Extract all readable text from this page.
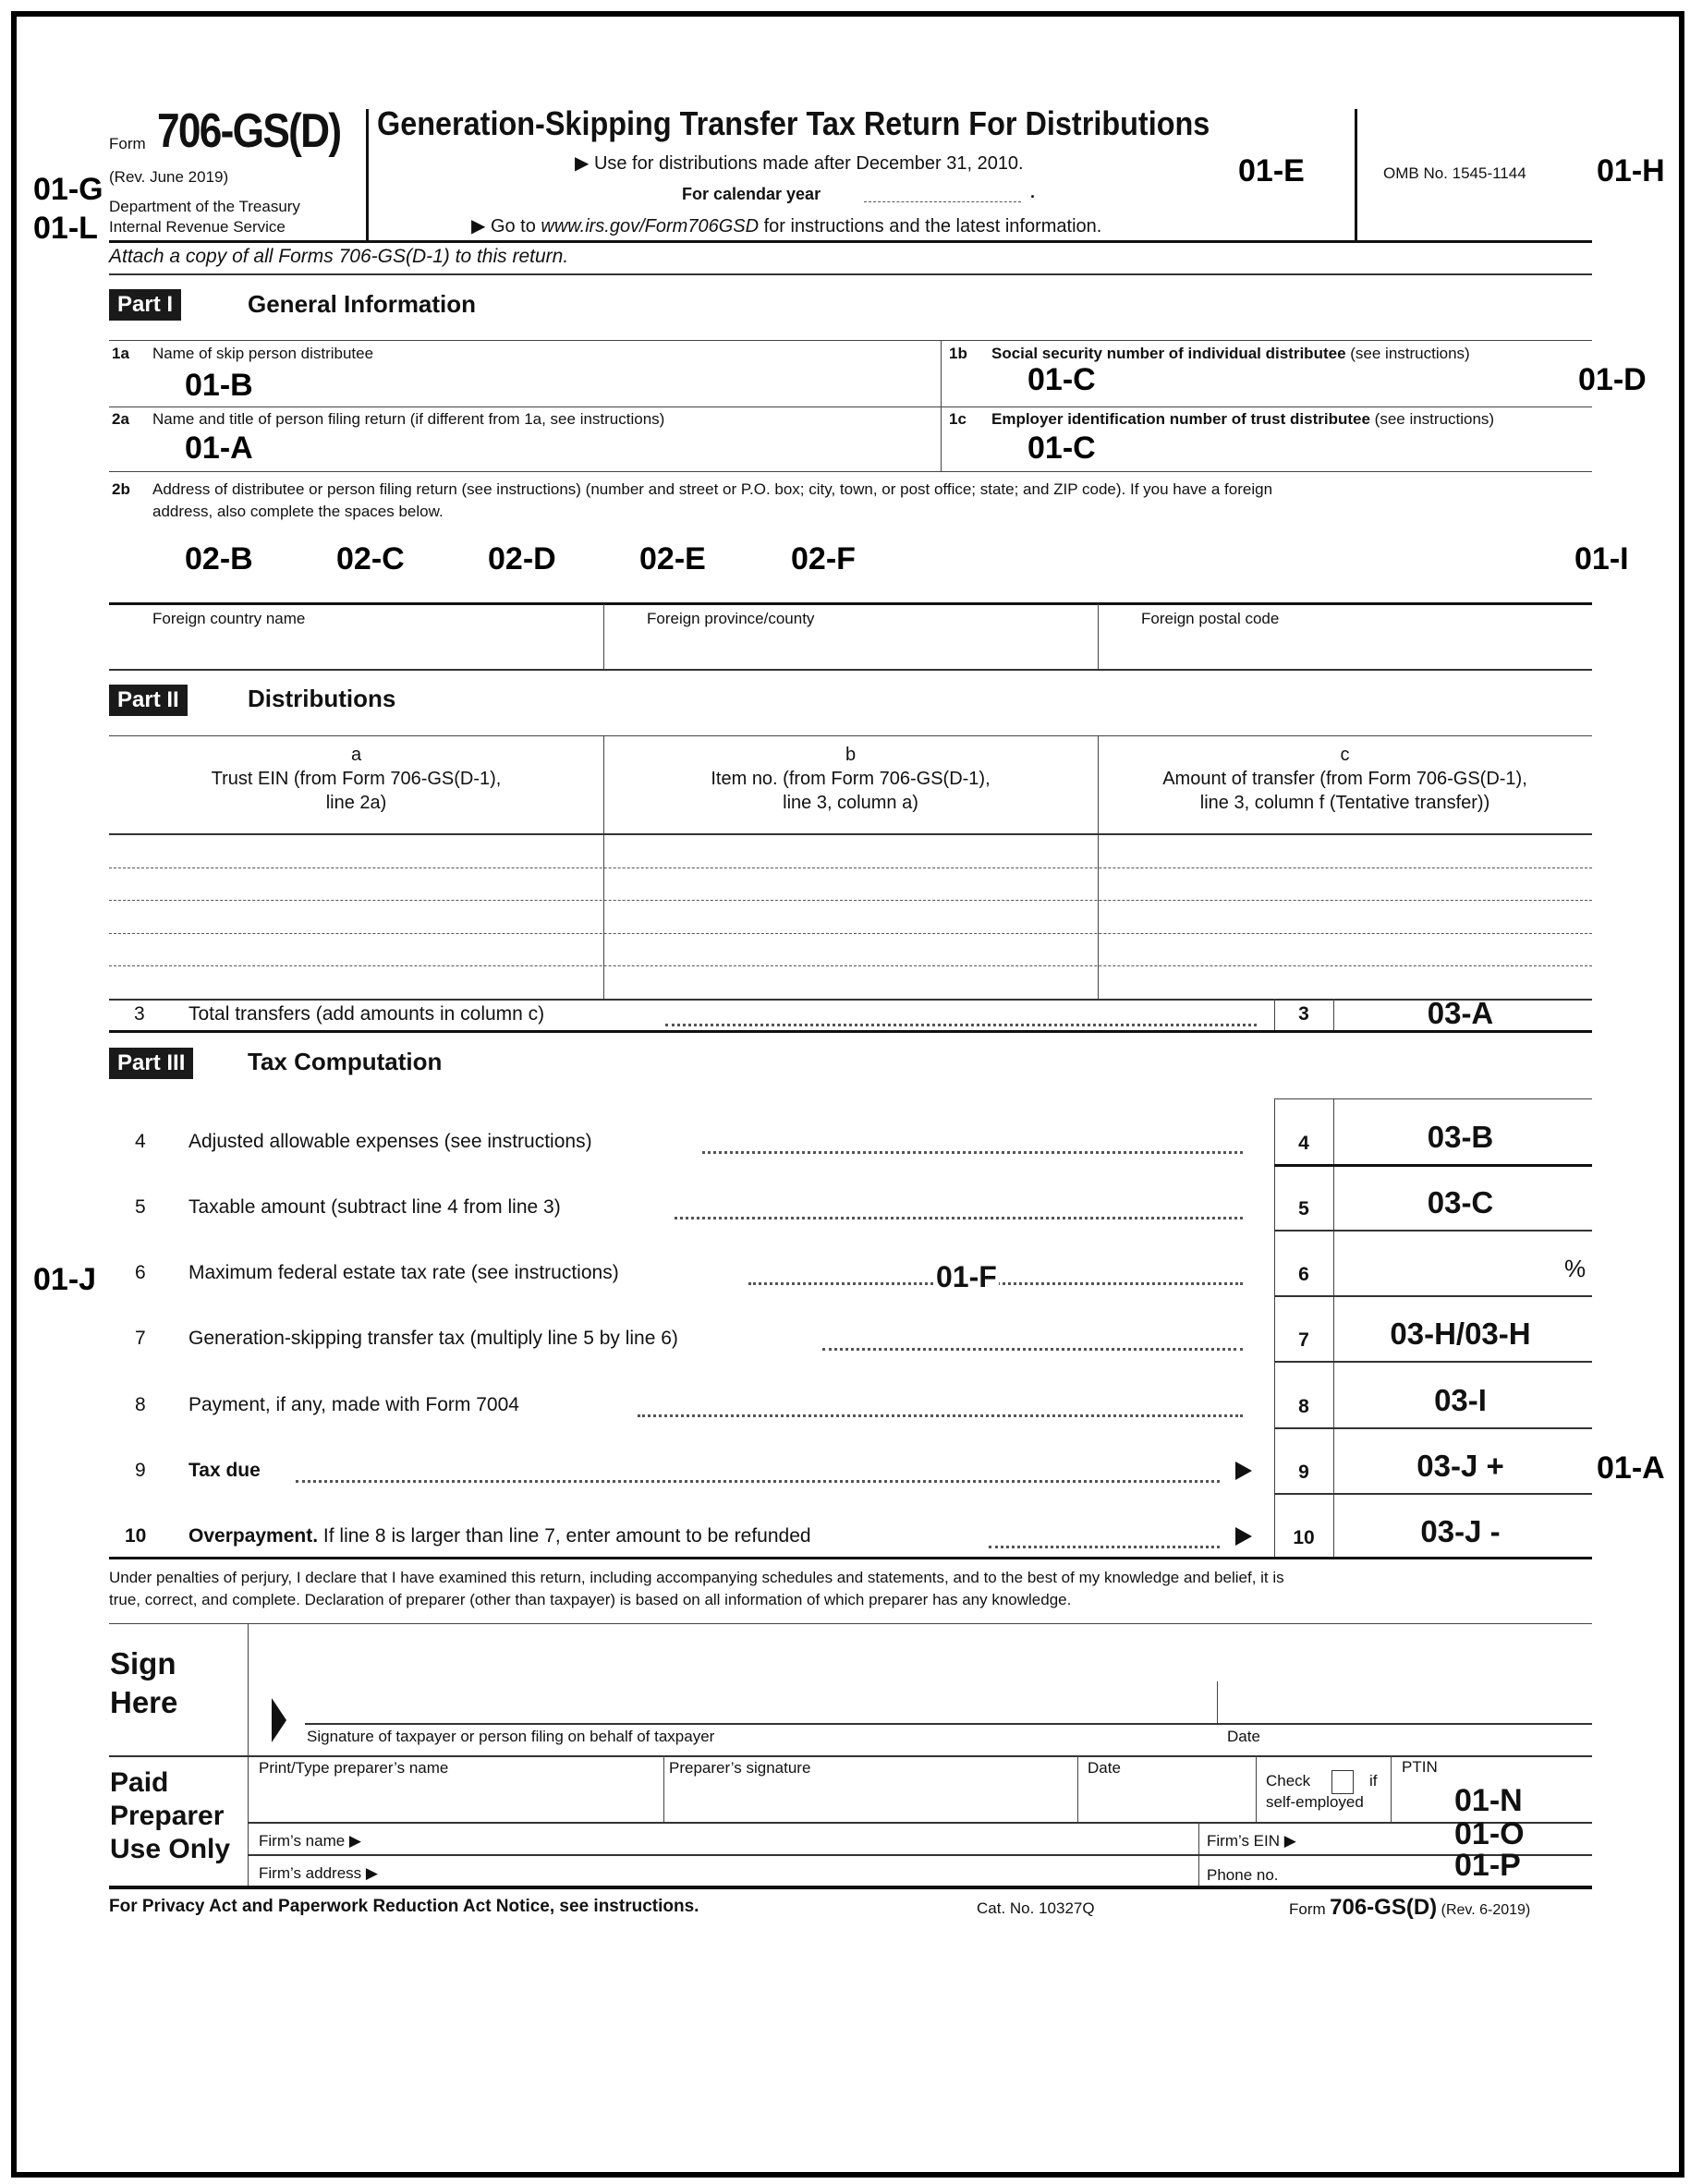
Form 706-GS(D)
(Rev. June 2019)
Department of the Treasury
Internal Revenue Service
01-G
01-L
Generation-Skipping Transfer Tax Return For Distributions
▶ Use for distributions made after December 31, 2010.
For calendar year	.
▶ Go to www.irs.gov/Form706GSD for instructions and the latest information.
01-E	OMB No. 1545-1144 01-H
Attach a copy of all Forms 706-GS(D-1) to this return.
Part I	General Information
1a Name of skip person distributee
01-B
1b Social security number of individual distributee (see instructions)
01-C	01-D
2a Name and title of person filing return (if different from 1a, see instructions)
01-A
1c Employer identification number of trust distributee (see instructions)
01-C
2b Address of distributee or person filing return (see instructions) (number and street or P.O. box; city, town, or post office; state; and ZIP code). If you have a foreign
address, also complete the spaces below.
02-B	02-C	02-D	02-E	02-F	01-I
Foreign country name	Foreign province/county	Foreign postal code
Part II	Distributions
a
Trust EIN (from Form 706-GS(D-1),
line 2a)
b
Item no. (from Form 706-GS(D-1),
line 3, column a)
c
Amount of transfer (from Form 706-GS(D-1),
line 3, column f (Tentative transfer))
3 Total transfers (add amounts in column c)	3	03-A
Part III	Tax Computation
4 Adjusted allowable expenses (see instructions)	4	03-B
5 Taxable amount (subtract line 4 from line 3)	5	03-C
6 Maximum federal estate tax rate (see instructions)	6	%
7 Generation-skipping transfer tax (multiply line 5 by line 6)	7	03-H/03-H
8 Payment, if any, made with Form 7004	8	03-I
9 Tax due	9	03-J +
10 Overpayment. If line 8 is larger than line 7, enter amount to be refunded	10	03-J -
01-J	01-F
01-A
Under penalties of perjury, I declare that I have examined this return, including accompanying schedules and statements, and to the best of my knowledge and belief, it is
true, correct, and complete. Declaration of preparer (other than taxpayer) is based on all information of which preparer has any knowledge.
Sign
Here
Signature of taxpayer or person filing on behalf of taxpayer	Date
Paid
Preparer
Use Only
Print/Type preparer’s name	Preparer’s signature	Date
Check	if
self-employed
PTIN
01-N
Firm’s name ▶	Firm’s EIN ▶	01-O
Firm’s address ▶	Phone no.	01-P
For Privacy Act and Paperwork Reduction Act Notice, see instructions.	Cat. No. 10327Q	Form 706-GS(D) (Rev. 6-2019)
